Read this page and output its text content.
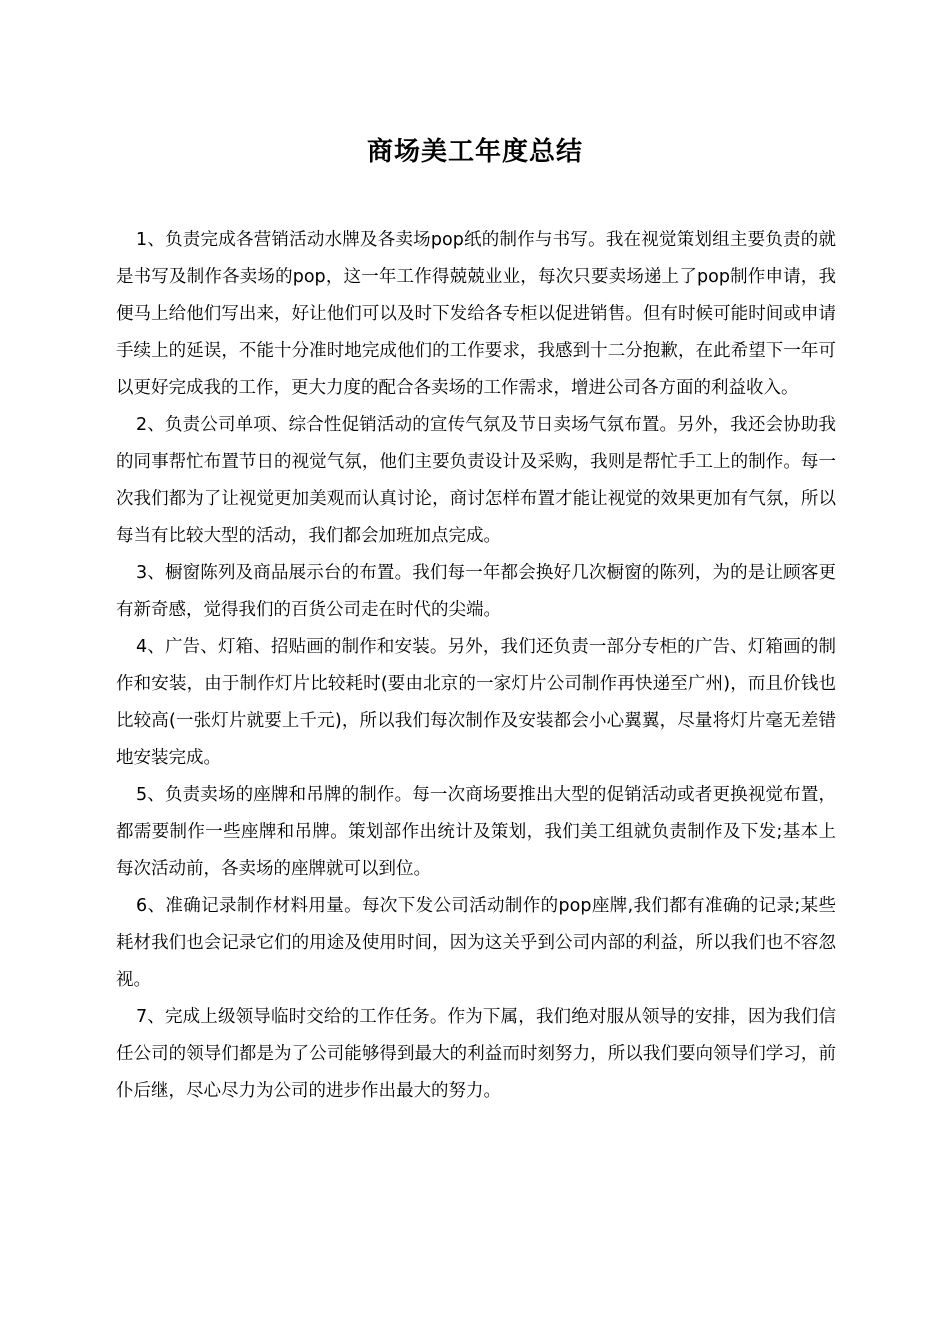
商场美工年度总结

1、负责完成各营销活动水牌及各卖场pop纸的制作与书写。我在视觉策划组主要负责的就是书写及制作各卖场的pop，这一年工作得兢兢业业，每次只要卖场递上了pop制作申请，我便马上给他们写出来，好让他们可以及时下发给各专柜以促进销售。但有时候可能时间或申请手续上的延误，不能十分准时地完成他们的工作要求，我感到十二分抱歉，在此希望下一年可以更好完成我的工作，更大力度的配合各卖场的工作需求，增进公司各方面的利益收入。

2、负责公司单项、综合性促销活动的宣传气氛及节日卖场气氛布置。另外，我还会协助我的同事帮忙布置节日的视觉气氛，他们主要负责设计及采购，我则是帮忙手工上的制作。每一次我们都为了让视觉更加美观而认真讨论，商讨怎样布置才能让视觉的效果更加有气氛，所以每当有比较大型的活动，我们都会加班加点完成。

3、橱窗陈列及商品展示台的布置。我们每一年都会换好几次橱窗的陈列，为的是让顾客更有新奇感，觉得我们的百货公司走在时代的尖端。

4、广告、灯箱、招贴画的制作和安装。另外，我们还负责一部分专柜的广告、灯箱画的制作和安装，由于制作灯片比较耗时(要由北京的一家灯片公司制作再快递至广州)，而且价钱也比较高(一张灯片就要上千元)，所以我们每次制作及安装都会小心翼翼，尽量将灯片毫无差错地安装完成。

5、负责卖场的座牌和吊牌的制作。每一次商场要推出大型的促销活动或者更换视觉布置，都需要制作一些座牌和吊牌。策划部作出统计及策划，我们美工组就负责制作及下发;基本上每次活动前，各卖场的座牌就可以到位。

6、准确记录制作材料用量。每次下发公司活动制作的pop座牌,我们都有准确的记录;某些耗材我们也会记录它们的用途及使用时间，因为这关乎到公司内部的利益，所以我们也不容忽视。

7、完成上级领导临时交给的工作任务。作为下属，我们绝对服从领导的安排，因为我们信任公司的领导们都是为了公司能够得到最大的利益而时刻努力，所以我们要向领导们学习，前仆后继，尽心尽力为公司的进步作出最大的努力。
